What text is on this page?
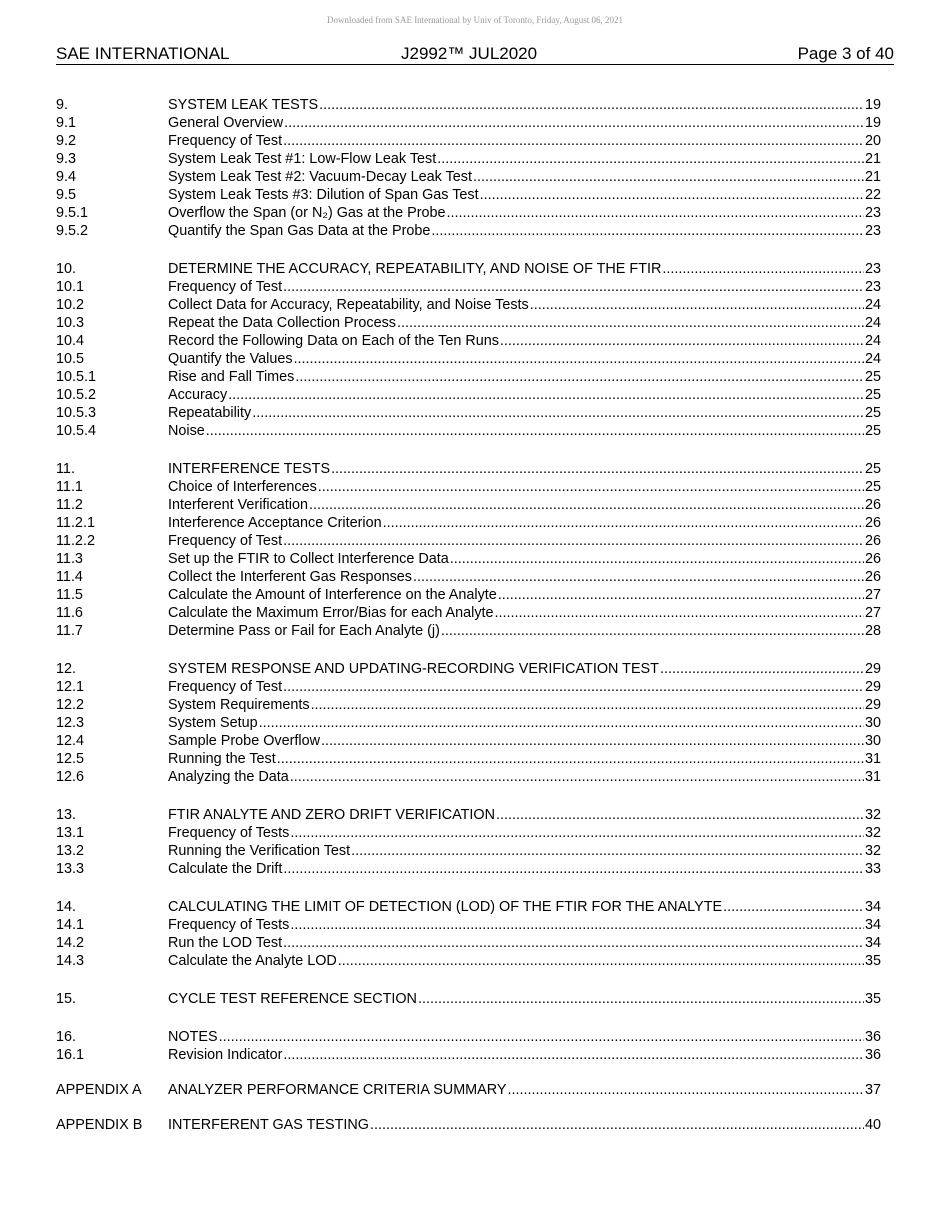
Downloaded from SAE International by Univ of Toronto, Friday, August 06, 2021
SAE INTERNATIONAL	J2992™ JUL2020	Page 3 of 40
9.	SYSTEM LEAK TESTS .....	19
9.1	General Overview .....	19
9.2	Frequency of Test .....	20
9.3	System Leak Test #1: Low-Flow Leak Test .....	21
9.4	System Leak Test #2: Vacuum-Decay Leak Test .....	21
9.5	System Leak Tests #3: Dilution of Span Gas Test .....	22
9.5.1	Overflow the Span (or N₂) Gas at the Probe .....	23
9.5.2	Quantify the Span Gas Data at the Probe .....	23
10.	DETERMINE THE ACCURACY, REPEATABILITY, AND NOISE OF THE FTIR .....	23
10.1	Frequency of Test .....	23
10.2	Collect Data for Accuracy, Repeatability, and Noise Tests .....	24
10.3	Repeat the Data Collection Process .....	24
10.4	Record the Following Data on Each of the Ten Runs .....	24
10.5	Quantify the Values .....	24
10.5.1	Rise and Fall Times .....	25
10.5.2	Accuracy .....	25
10.5.3	Repeatability .....	25
10.5.4	Noise .....	25
11.	INTERFERENCE TESTS .....	25
11.1	Choice of Interferences .....	25
11.2	Interferent Verification .....	26
11.2.1	Interference Acceptance Criterion .....	26
11.2.2	Frequency of Test .....	26
11.3	Set up the FTIR to Collect Interference Data .....	26
11.4	Collect the Interferent Gas Responses .....	26
11.5	Calculate the Amount of Interference on the Analyte .....	27
11.6	Calculate the Maximum Error/Bias for each Analyte .....	27
11.7	Determine Pass or Fail for Each Analyte (j) .....	28
12.	SYSTEM RESPONSE AND UPDATING-RECORDING VERIFICATION TEST .....	29
12.1	Frequency of Test .....	29
12.2	System Requirements .....	29
12.3	System Setup .....	30
12.4	Sample Probe Overflow .....	30
12.5	Running the Test .....	31
12.6	Analyzing the Data .....	31
13.	FTIR ANALYTE AND ZERO DRIFT VERIFICATION .....	32
13.1	Frequency of Tests .....	32
13.2	Running the Verification Test .....	32
13.3	Calculate the Drift .....	33
14.	CALCULATING THE LIMIT OF DETECTION (LOD) OF THE FTIR FOR THE ANALYTE .....	34
14.1	Frequency of Tests .....	34
14.2	Run the LOD Test .....	34
14.3	Calculate the Analyte LOD .....	35
15.	CYCLE TEST REFERENCE SECTION .....	35
16.	NOTES .....	36
16.1	Revision Indicator .....	36
APPENDIX A	ANALYZER PERFORMANCE CRITERIA SUMMARY .....	37
APPENDIX B	INTERFERENT GAS TESTING .....	40
